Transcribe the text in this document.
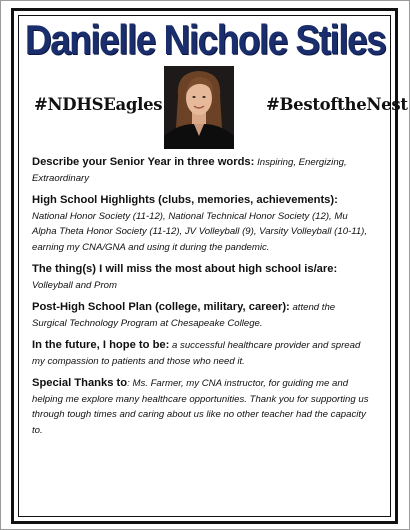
Danielle Nichole Stiles
#NDHSEagles	#BestoftheNest
Describe your Senior Year in three words: Inspiring, Energizing, Extraordinary
High School Highlights (clubs, memories, achievements): National Honor Society (11-12), National Technical Honor Society (12), Mu Alpha Theta Honor Society (11-12), JV Volleyball (9), Varsity Volleyball (10-11), earning my CNA/GNA and using it during the pandemic.
The thing(s) I will miss the most about high school is/are: Volleyball and Prom
Post-High School Plan (college, military, career): attend the Surgical Technology Program at Chesapeake College.
In the future, I hope to be: a successful healthcare provider and spread my compassion to patients and those who need it.
Special Thanks to: Ms. Farmer, my CNA instructor, for guiding me and helping me explore many healthcare opportunities. Thank you for supporting us through tough times and caring about us like no other teacher had the capacity to.
